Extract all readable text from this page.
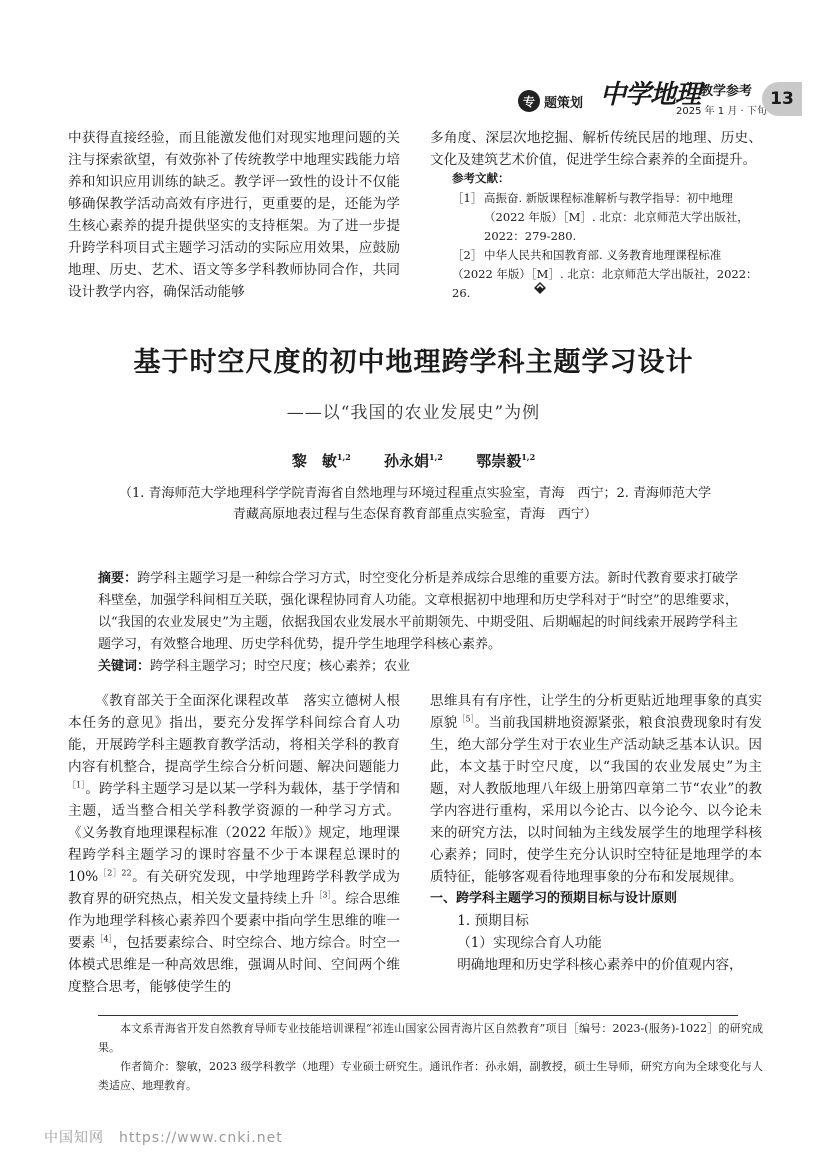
专 题策划 中学地理 教学参考
2025 年 1 月 · 下旬
13
中获得直接经验，而且能激发他们对现实地理问题的关注与探索欲望，有效弥补了传统教学中地理实践能力培养和知识应用训练的缺乏。教学评一致性的设计不仅能够确保教学活动高效有序进行，更重要的是，还能为学生核心素养的提升提供坚实的支持框架。为了进一步提升跨学科项目式主题学习活动的实际应用效果，应鼓励地理、历史、艺术、语文等多学科教师协同合作，共同设计教学内容，确保活动能够
多角度、深层次地挖掘、解析传统民居的地理、历史、文化及建筑艺术价值，促进学生综合素养的全面提升。
参考文献：
［1］ 高振奋. 新版课程标准解析与教学指导：初中地理（2022 年版）［M］. 北京：北京师范大学出版社，2022：279-280.
［2］ 中华人民共和国教育部. 义务教育地理课程标准（2022 年版）［M］. 北京：北京师范大学出版社，2022：26.
基于时空尺度的初中地理跨学科主题学习设计
——以“我国的农业发展史”为例
黎　敏$^{1,2}$ 孙永娟$^{1,2}$ 鄂崇毅$^{1,2}$
（1. 青海师范大学地理科学学院青海省自然地理与环境过程重点实验室，青海　西宁；2. 青海师范大学
青藏高原地表过程与生态保育教育部重点实验室，青海　西宁）
摘要：跨学科主题学习是一种综合学习方式，时空变化分析是养成综合思维的重要方法。新时代教育要求打破学科壁垒，加强学科间相互关联，强化课程协同育人功能。文章根据初中地理和历史学科对于“时空”的思维要求，以“我国的农业发展史”为主题，依据我国农业发展水平前期领先、中期受阻、后期崛起的时间线索开展跨学科主题学习，有效整合地理、历史学科优势，提升学生地理学科核心素养。
关键词：跨学科主题学习；时空尺度；核心素养；农业
《教育部关于全面深化课程改革　落实立德树人根本任务的意见》指出，要充分发挥学科间综合育人功能，开展跨学科主题教育教学活动，将相关学科的教育内容有机整合，提高学生综合分析问题、解决问题能力$^{[1]}$。跨学科主题学习是以某一学科为载体，基于学情和主题，适当整合相关学科教学资源的一种学习方式。《义务教育地理课程标准（2022 年版）》规定，地理课程跨学科主题学习的课时容量不少于本课程总课时的 10%$^{[2]22}$。有关研究发现，中学地理跨学科教学成为教育界的研究热点，相关发文量持续上升$^{[3]}$。综合思维作为地理学科核心素养四个要素中指向学生思维的唯一要素$^{[4]}$，包括要素综合、时空综合、地方综合。时空一体模式思维是一种高效思维，强调从时间、空间两个维度整合思考，能够使学生的
思维具有有序性，让学生的分析更贴近地理事象的真实原貌$^{[5]}$。当前我国耕地资源紧张，粮食浪费现象时有发生，绝大部分学生对于农业生产活动缺乏基本认识。因此，本文基于时空尺度，以“我国的农业发展史”为主题，对人教版地理八年级上册第四章第二节“农业”的教学内容进行重构，采用以今论古、以今论今、以今论未来的研究方法，以时间轴为主线发展学生的地理学科核心素养；同时，使学生充分认识时空特征是地理学的本质特征，能够客观看待地理事象的分布和发展规律。
一、跨学科主题学习的预期目标与设计原则
1. 预期目标
（1）实现综合育人功能
明确地理和历史学科核心素养中的价值观内容，
本文系青海省开发自然教育导师专业技能培训课程“祁连山国家公园青海片区自然教育”项目［编号：2023-(服务)-1022］的研究成果。
作者简介：黎敏，2023 级学科教学（地理）专业硕士研究生。通讯作者：孙永娟，副教授，硕士生导师，研究方向为全球变化与人类适应、地理教育。
中国知网　https://www.cnki.net
